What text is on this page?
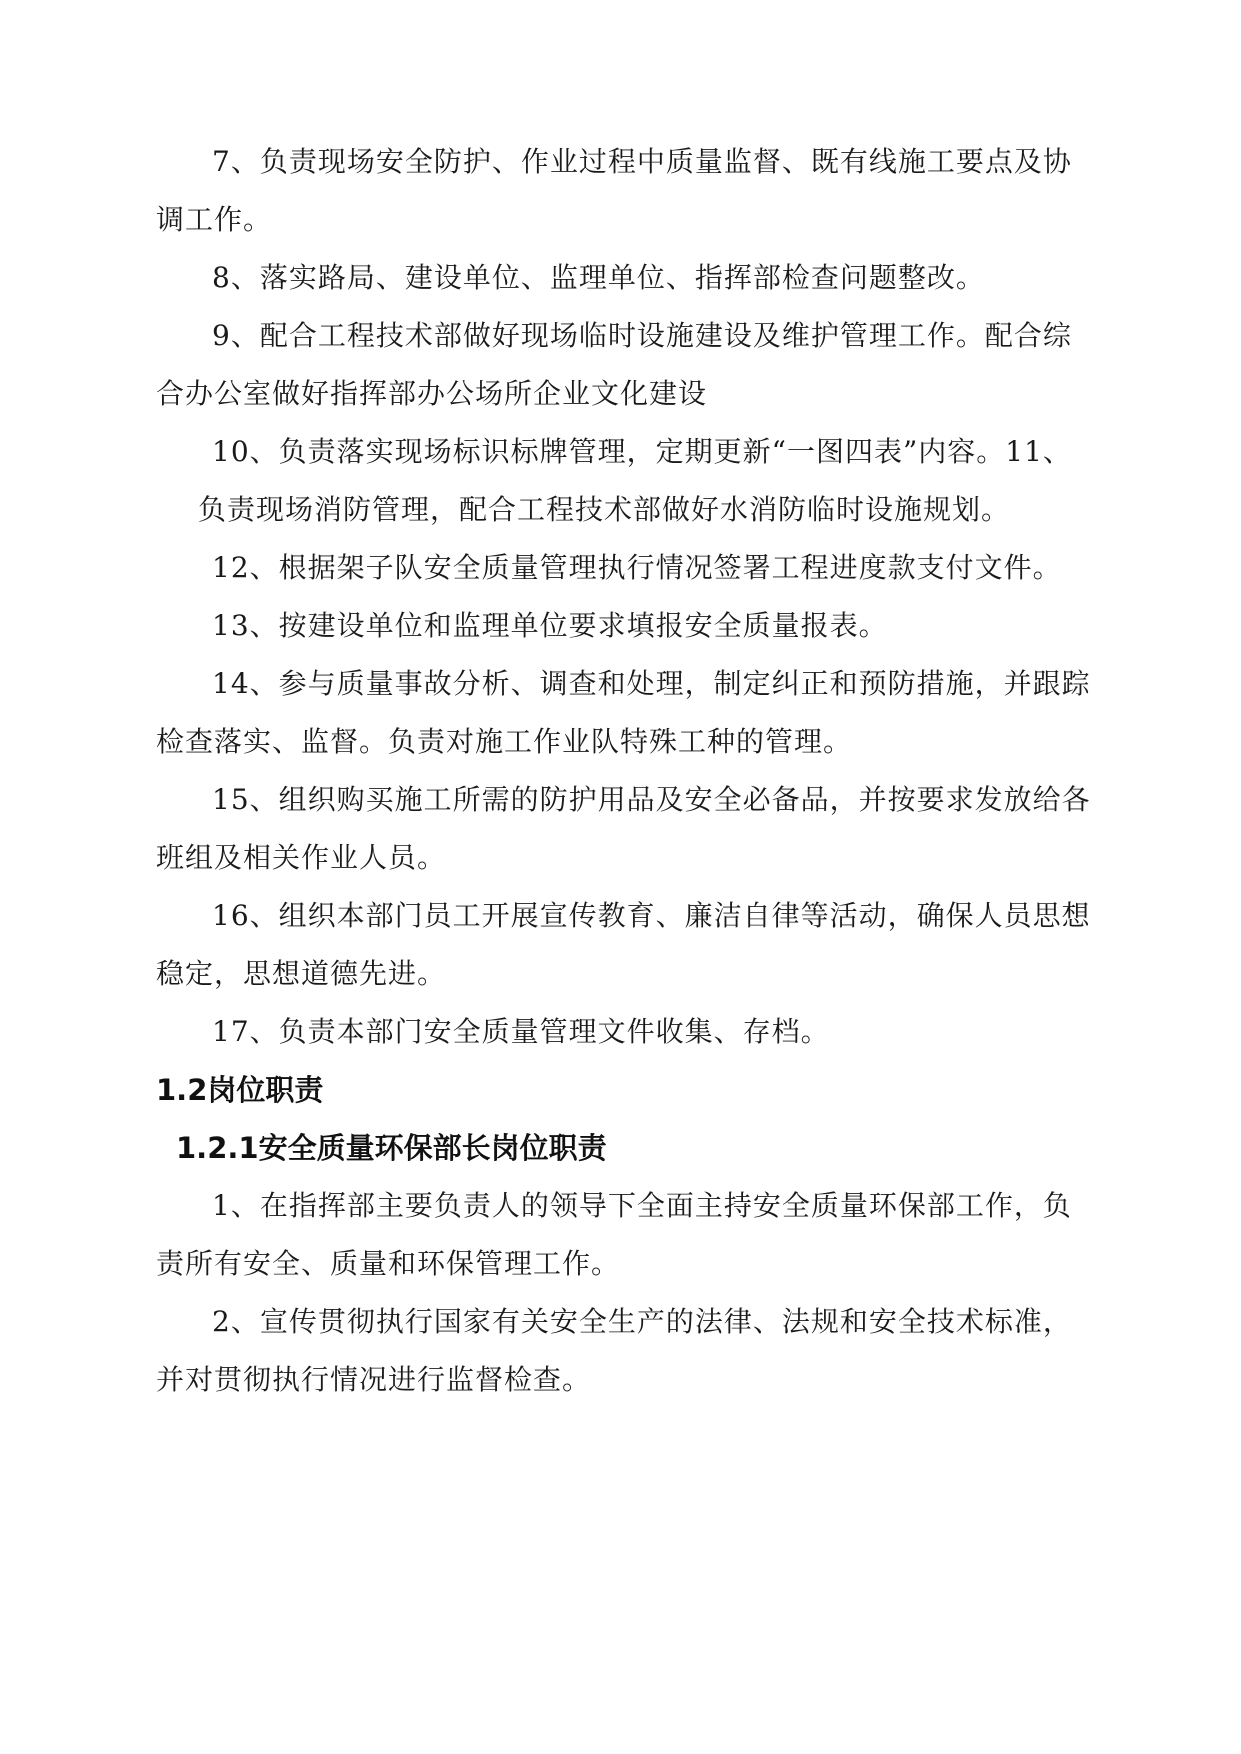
7、负责现场安全防护、作业过程中质量监督、既有线施工要点及协
调工作。
8、落实路局、建设单位、监理单位、指挥部检查问题整改。
9、配合工程技术部做好现场临时设施建设及维护管理工作。配合综
合办公室做好指挥部办公场所企业文化建设
10、负责落实现场标识标牌管理，定期更新“一图四表”内容。11、
负责现场消防管理，配合工程技术部做好水消防临时设施规划。
12、根据架子队安全质量管理执行情况签署工程进度款支付文件。
13、按建设单位和监理单位要求填报安全质量报表。
14、参与质量事故分析、调查和处理，制定纠正和预防措施，并跟踪
检查落实、监督。负责对施工作业队特殊工种的管理。
15、组织购买施工所需的防护用品及安全必备品，并按要求发放给各
班组及相关作业人员。
16、组织本部门员工开展宣传教育、廉洁自律等活动，确保人员思想
稳定，思想道德先进。
17、负责本部门安全质量管理文件收集、存档。
1.2岗位职责
1.2.1安全质量环保部长岗位职责
1、在指挥部主要负责人的领导下全面主持安全质量环保部工作，负
责所有安全、质量和环保管理工作。
2、宣传贯彻执行国家有关安全生产的法律、法规和安全技术标准，
并对贯彻执行情况进行监督检查。
